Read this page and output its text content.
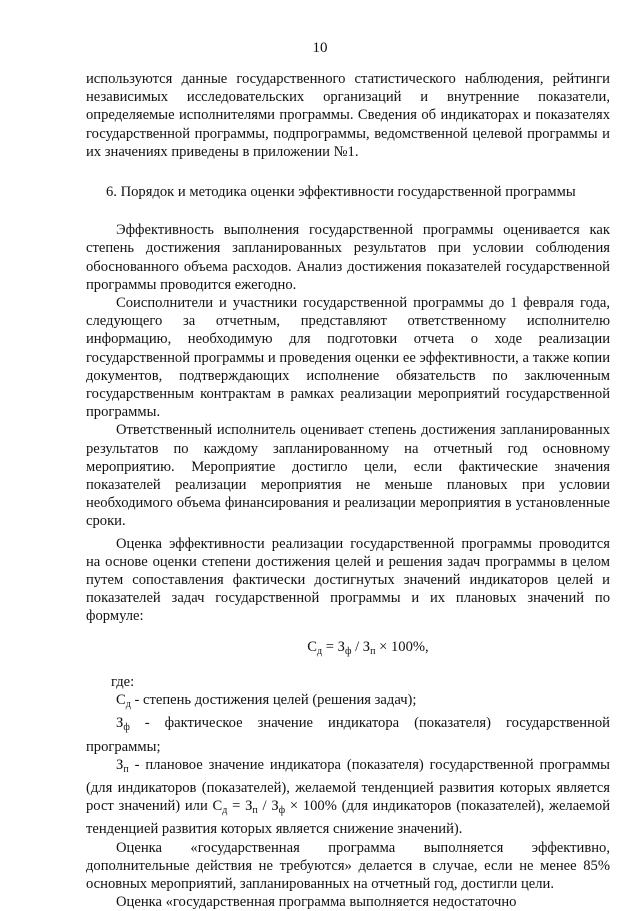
10

используются данные государственного статистического наблюдения, рейтинги независимых исследовательских организаций и внутренние показатели, определяемые исполнителями программы. Сведения об индикаторах и показателях государственной программы, подпрограммы, ведомственной целевой программы и их значениях приведены в приложении №1.

6. Порядок и методика оценки эффективности государственной программы

Эффективность выполнения государственной программы оценивается как степень достижения запланированных результатов при условии соблюдения обоснованного объема расходов. Анализ достижения показателей государственной программы проводится ежегодно.

Соисполнители и участники государственной программы до 1 февраля года, следующего за отчетным, представляют ответственному исполнителю информацию, необходимую для подготовки отчета о ходе реализации государственной программы и проведения оценки ее эффективности, а также копии документов, подтверждающих исполнение обязательств по заключенным государственным контрактам в рамках реализации мероприятий государственной программы.

Ответственный исполнитель оценивает степень достижения запланированных результатов по каждому запланированному на отчетный год основному мероприятию. Мероприятие достигло цели, если фактические значения показателей реализации мероприятия не меньше плановых при условии необходимого объема финансирования и реализации мероприятия в установленные сроки.

Оценка эффективности реализации государственной программы проводится на основе оценки степени достижения целей и решения задач программы в целом путем сопоставления фактически достигнутых значений индикаторов целей и показателей задач государственной программы и их плановых значений по формуле:

$С_д = З_ф / З_п \times 100\%$,

где:

$С_д$ - степень достижения целей (решения задач);

$З_ф$ - фактическое значение индикатора (показателя) государственной программы;

$З_п$ - плановое значение индикатора (показателя) государственной программы (для индикаторов (показателей), желаемой тенденцией развития которых является рост значений) или $С_д = З_п / З_ф \times 100\%$ (для индикаторов (показателей), желаемой тенденцией развития которых является снижение значений).

Оценка «государственная программа выполняется эффективно, дополнительные действия не требуются» делается в случае, если не менее 85% основных мероприятий, запланированных на отчетный год, достигли цели.

Оценка «государственная программа выполняется недостаточно
